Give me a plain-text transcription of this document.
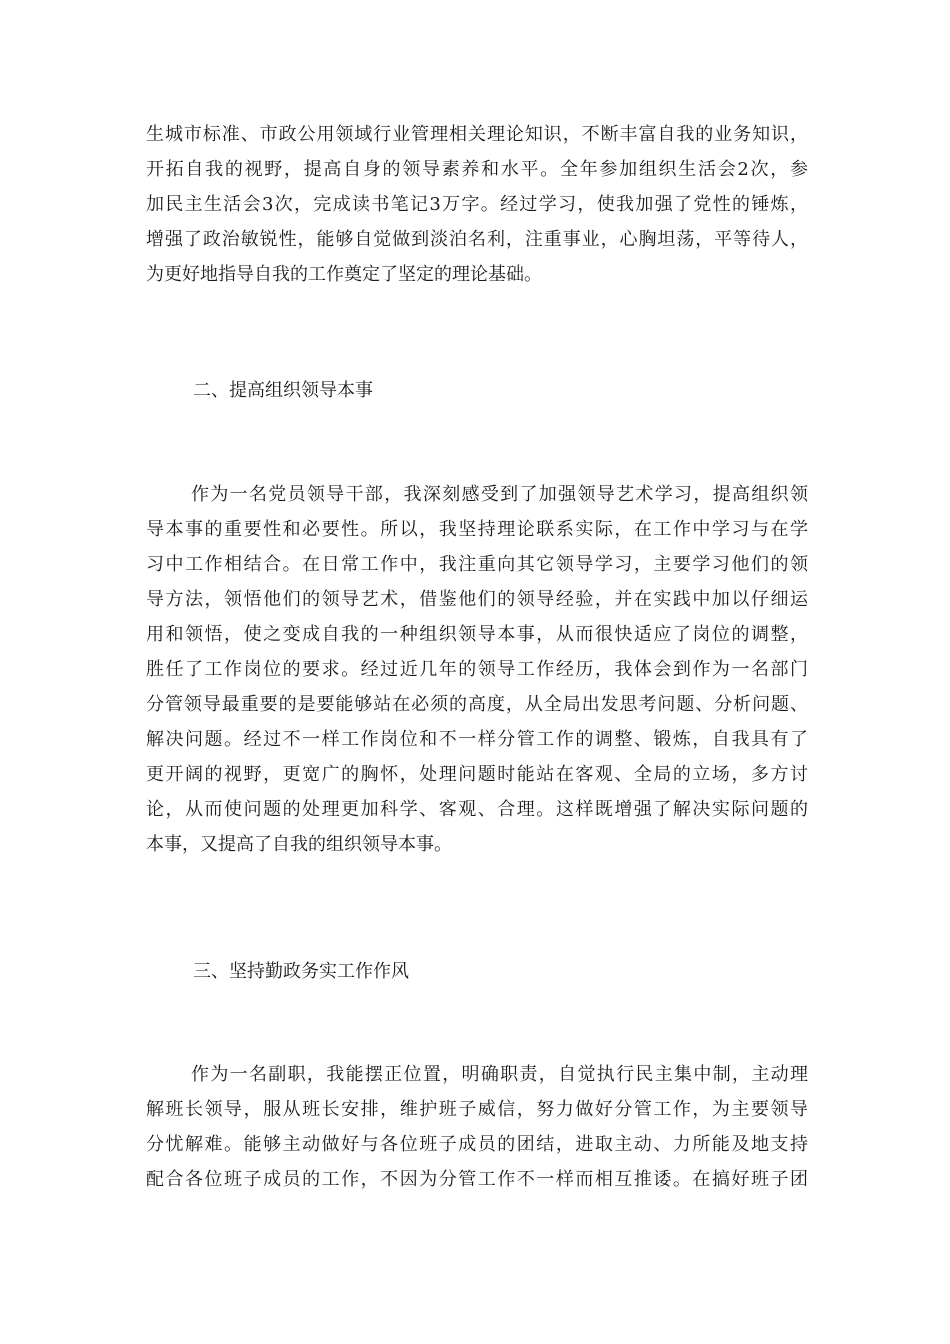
生城市标准、市政公用领域行业管理相关理论知识，不断丰富自我的业务知识，
开拓自我的视野，提高自身的领导素养和水平。全年参加组织生活会2次，参
加民主生活会3次，完成读书笔记3万字。经过学习，使我加强了党性的锤炼，
增强了政治敏锐性，能够自觉做到淡泊名利，注重事业，心胸坦荡，平等待人，
为更好地指导自我的工作奠定了坚定的理论基础。
二、提高组织领导本事
作为一名党员领导干部，我深刻感受到了加强领导艺术学习，提高组织领
导本事的重要性和必要性。所以，我坚持理论联系实际，在工作中学习与在学
习中工作相结合。在日常工作中，我注重向其它领导学习，主要学习他们的领
导方法，领悟他们的领导艺术，借鉴他们的领导经验，并在实践中加以仔细运
用和领悟，使之变成自我的一种组织领导本事，从而很快适应了岗位的调整，
胜任了工作岗位的要求。经过近几年的领导工作经历，我体会到作为一名部门
分管领导最重要的是要能够站在必须的高度，从全局出发思考问题、分析问题、
解决问题。经过不一样工作岗位和不一样分管工作的调整、锻炼，自我具有了
更开阔的视野，更宽广的胸怀，处理问题时能站在客观、全局的立场，多方讨
论，从而使问题的处理更加科学、客观、合理。这样既增强了解决实际问题的
本事，又提高了自我的组织领导本事。
三、坚持勤政务实工作作风
作为一名副职，我能摆正位置，明确职责，自觉执行民主集中制，主动理
解班长领导，服从班长安排，维护班子威信，努力做好分管工作，为主要领导
分忧解难。能够主动做好与各位班子成员的团结，进取主动、力所能及地支持
配合各位班子成员的工作，不因为分管工作不一样而相互推诿。在搞好班子团
